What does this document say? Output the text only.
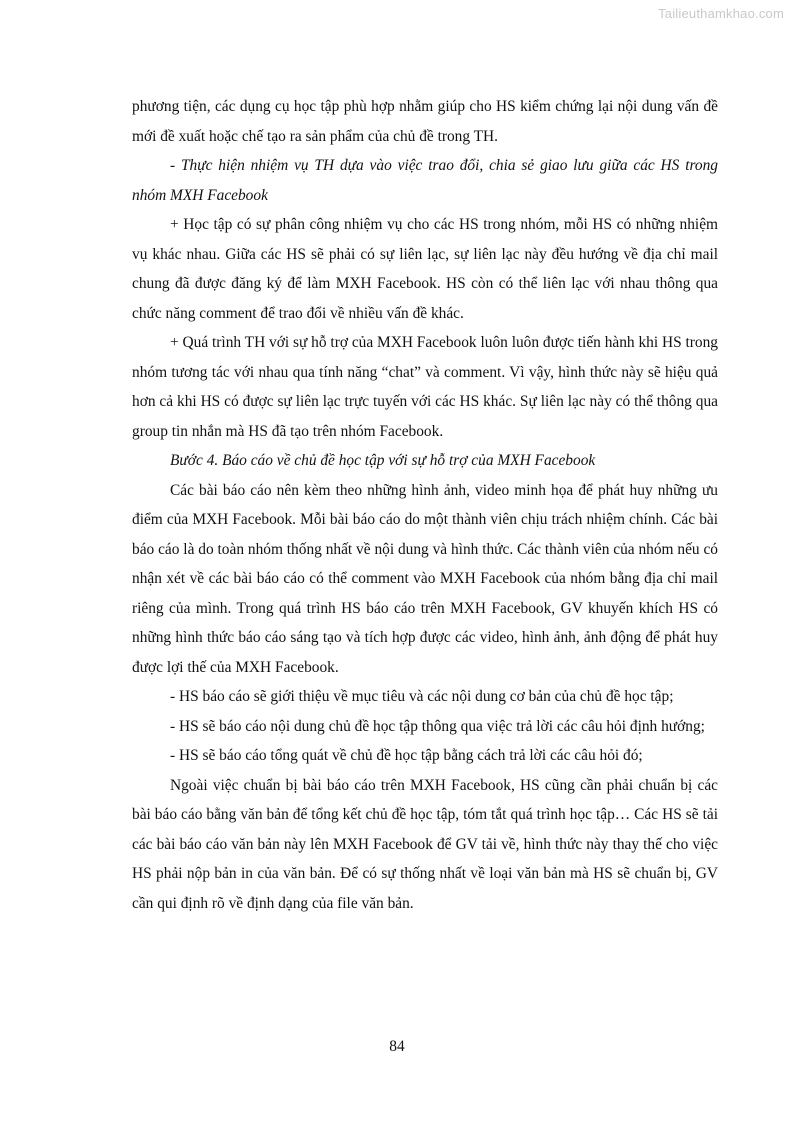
Tailieuthamkhao.com

phương tiện, các dụng cụ học tập phù hợp nhằm giúp cho HS kiểm chứng lại nội dung vấn đề mới đề xuất hoặc chế tạo ra sản phẩm của chủ đề trong TH.

- Thực hiện nhiệm vụ TH dựa vào việc trao đổi, chia sẻ giao lưu giữa các HS trong nhóm MXH Facebook

+ Học tập có sự phân công nhiệm vụ cho các HS trong nhóm, mỗi HS có những nhiệm vụ khác nhau. Giữa các HS sẽ phải có sự liên lạc, sự liên lạc này đều hướng về địa chỉ mail chung đã được đăng ký để làm MXH Facebook. HS còn có thể liên lạc với nhau thông qua chức năng comment để trao đổi về nhiều vấn đề khác.

+ Quá trình TH với sự hỗ trợ của MXH Facebook luôn luôn được tiến hành khi HS trong nhóm tương tác với nhau qua tính năng “chat” và comment. Vì vậy, hình thức này sẽ hiệu quả hơn cả khi HS có được sự liên lạc trực tuyến với các HS khác. Sự liên lạc này có thể thông qua group tin nhắn mà HS đã tạo trên nhóm Facebook.

Bước 4. Báo cáo về chủ đề học tập với sự hỗ trợ của MXH Facebook

Các bài báo cáo nên kèm theo những hình ảnh, video minh họa để phát huy những ưu điểm của MXH Facebook. Mỗi bài báo cáo do một thành viên chịu trách nhiệm chính. Các bài báo cáo là do toàn nhóm thống nhất về nội dung và hình thức. Các thành viên của nhóm nếu có nhận xét về các bài báo cáo có thể comment vào MXH Facebook của nhóm bằng địa chỉ mail riêng của mình. Trong quá trình HS báo cáo trên MXH Facebook, GV khuyến khích HS có những hình thức báo cáo sáng tạo và tích hợp được các video, hình ảnh, ảnh động để phát huy được lợi thế của MXH Facebook.

- HS báo cáo sẽ giới thiệu về mục tiêu và các nội dung cơ bản của chủ đề học tập;

- HS sẽ báo cáo nội dung chủ đề học tập thông qua việc trả lời các câu hỏi định hướng;

- HS sẽ báo cáo tổng quát về chủ đề học tập bằng cách trả lời các câu hỏi đó;

Ngoài việc chuẩn bị bài báo cáo trên MXH Facebook, HS cũng cần phải chuẩn bị các bài báo cáo bằng văn bản để tổng kết chủ đề học tập, tóm tắt quá trình học tập… Các HS sẽ tải các bài báo cáo văn bản này lên MXH Facebook để GV tải về, hình thức này thay thế cho việc HS phải nộp bản in của văn bản. Để có sự thống nhất về loại văn bản mà HS sẽ chuẩn bị, GV cần qui định rõ về định dạng của file văn bản.

84
